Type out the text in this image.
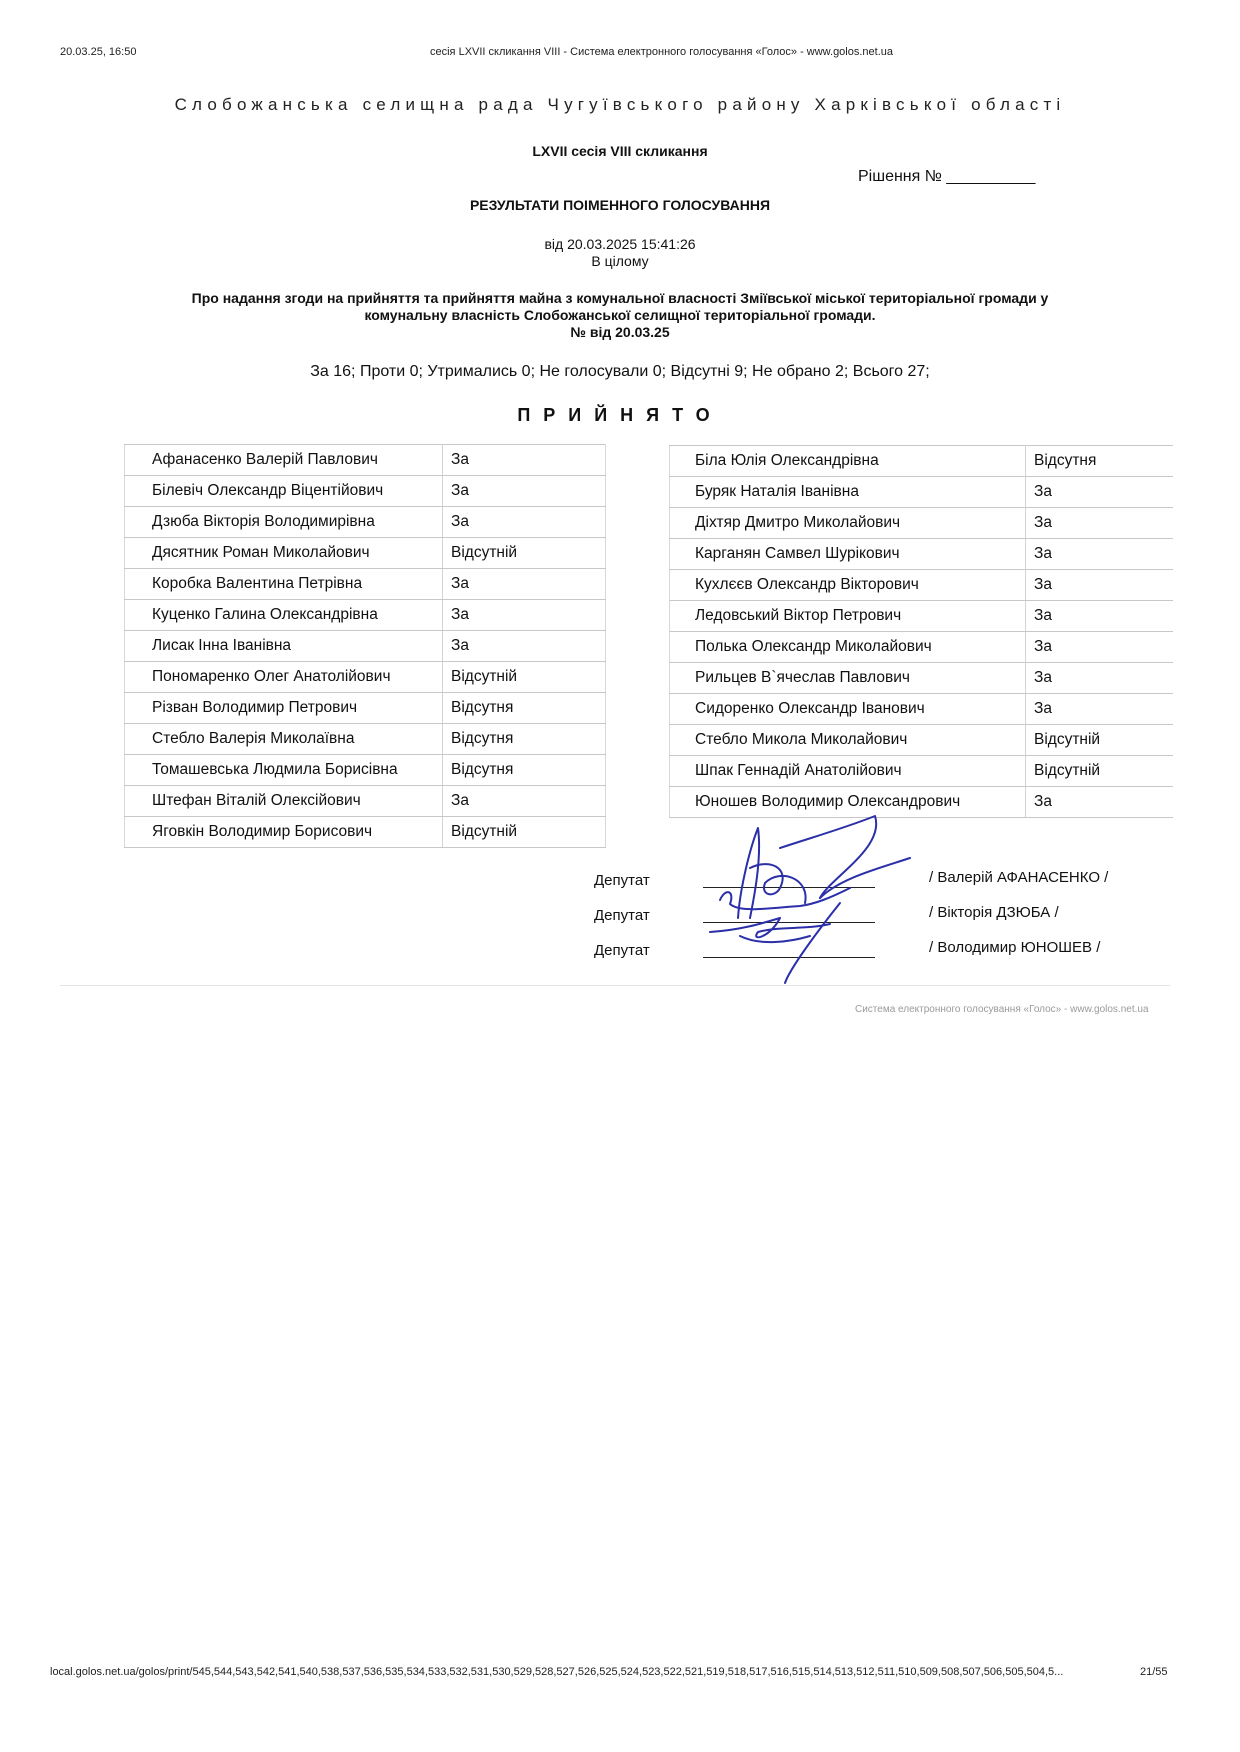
20.03.25, 16:50	сесія LXVII скликання VIII - Система електронного голосування «Голос» - www.golos.net.ua
Слобожанська селищна рада Чугуївського району Харківської області
LXVII сесія VIII скликання
Рішення № __________
РЕЗУЛЬТАТИ ПОІМЕННОГО ГОЛОСУВАННЯ
від 20.03.2025 15:41:26
В цілому
Про надання згоди на прийняття та прийняття майна з комунальної власності Зміївської міської територіальної громади у
комунальну власність Слобожанської селищної територіальної громади.
№ від 20.03.25
За 16; Проти 0; Утримались 0; Не голосували 0; Відсутні 9; Не обрано 2; Всього 27;
ПРИЙНЯТО
Афанасенко Валерій Павлович	За
Білевіч Олександр Віцентійович	За
Дзюба Вікторія Володимирівна	За
Дясятник Роман Миколайович	Відсутній
Коробка Валентина Петрівна	За
Куценко Галина Олександрівна	За
Лисак Інна Іванівна	За
Пономаренко Олег Анатолійович	Відсутній
Різван Володимир Петрович	Відсутня
Стебло Валерія Миколаївна	Відсутня
Томашевська Людмила Борисівна	Відсутня
Штефан Віталій Олексійович	За
Яговкін Володимир Борисович	Відсутній
Біла Юлія Олександрівна	Відсутня
Буряк Наталія Іванівна	За
Діхтяр Дмитро Миколайович	За
Карганян Самвел Шурікович	За
Кухлєєв Олександр Вікторович	За
Ледовський Віктор Петрович	За
Полька Олександр Миколайович	За
Рильцев В`ячеслав Павлович	За
Сидоренко Олександр Іванович	За
Стебло Микола Миколайович	Відсутній
Шпак Геннадій Анатолійович	Відсутній
Юношев Володимир Олександрович	За
Депутат
Депутат
Депутат
/ Валерій АФАНАСЕНКО /
/ Вікторія ДЗЮБА /
/ Володимир ЮНОШЕВ /
Система електронного голосування «Голос» - www.golos.net.ua
local.golos.net.ua/golos/print/545,544,543,542,541,540,538,537,536,535,534,533,532,531,530,529,528,527,526,525,524,523,522,521,519,518,517,516,515,514,513,512,511,510,509,508,507,506,505,504,5...	21/55
